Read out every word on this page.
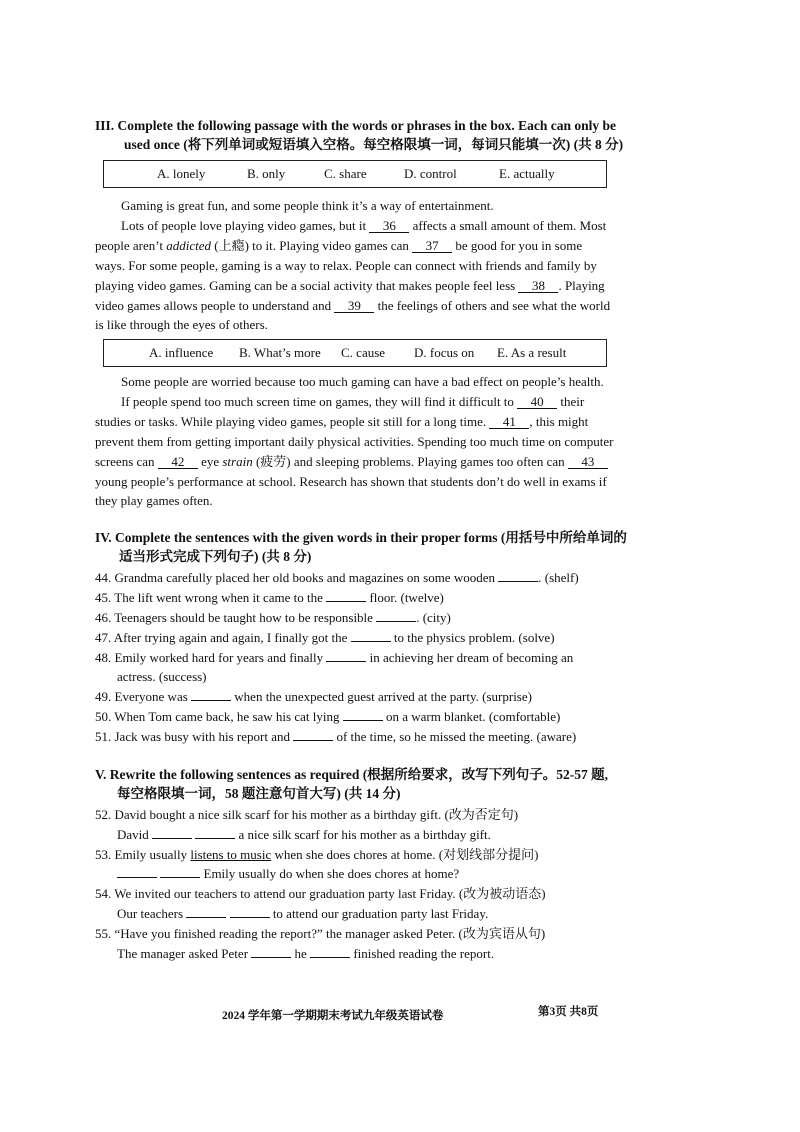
III. Complete the following passage with the words or phrases in the box. Each can only be
used once (将下列单词或短语填入空格。每空格限填一词，每词只能填一次) (共 8 分)
A. lonely	B. only	C. share	D. control	E. actually
Gaming is great fun, and some people think it’s a way of entertainment.
Lots of people love playing video games, but it 36 affects a small amount of them. Most
people aren’t addicted (上瘾) to it. Playing video games can 37 be good for you in some
ways. For some people, gaming is a way to relax. People can connect with friends and family by
playing video games. Gaming can be a social activity that makes people feel less 38 . Playing
video games allows people to understand and 39 the feelings of others and see what the world
is like through the eyes of others.
A. influence B. What’s more C. cause D. focus on E. As a result
Some people are worried because too much gaming can have a bad effect on people’s health.
If people spend too much screen time on games, they will find it difficult to 40 their
studies or tasks. While playing video games, people sit still for a long time. 41 , this might
prevent them from getting important daily physical activities. Spending too much time on computer
screens can 42 eye strain (疲劳) and sleeping problems. Playing games too often can 43
young people’s performance at school. Research has shown that students don’t do well in exams if
they play games often.
IV. Complete the sentences with the given words in their proper forms (用括号中所给单词的
适当形式完成下列句子) (共 8 分)
44. Grandma carefully placed her old books and magazines on some wooden	. (shelf)
45. The lift went wrong when it came to the	floor. (twelve)
46. Teenagers should be taught how to be responsible	. (city)
47. After trying again and again, I finally got the	to the physics problem. (solve)
48. Emily worked hard for years and finally	in achieving her dream of becoming an
actress. (success)
49. Everyone was	when the unexpected guest arrived at the party. (surprise)
50. When Tom came back, he saw his cat lying	on a warm blanket. (comfortable)
51. Jack was busy with his report and	of the time, so he missed the meeting. (aware)
V. Rewrite the following sentences as required (根据所给要求，改写下列句子。52-57 题,
每空格限填一词，58 题注意句首大写) (共 14 分)
52. David bought a nice silk scarf for his mother as a birthday gift. (改为否定句)
David	a nice silk scarf for his mother as a birthday gift.
53. Emily usually listens to music when she does chores at home. (对划线部分提问)
Emily usually do when she does chores at home?
54. We invited our teachers to attend our graduation party last Friday. (改为被动语态)
Our teachers	to attend our graduation party last Friday.
55. “Have you finished reading the report?” the manager asked Peter. (改为宾语从句)
The manager asked Peter	he	finished reading the report.
2024 学年第一学期期末考试九年级英语试卷	第3页 共8页
